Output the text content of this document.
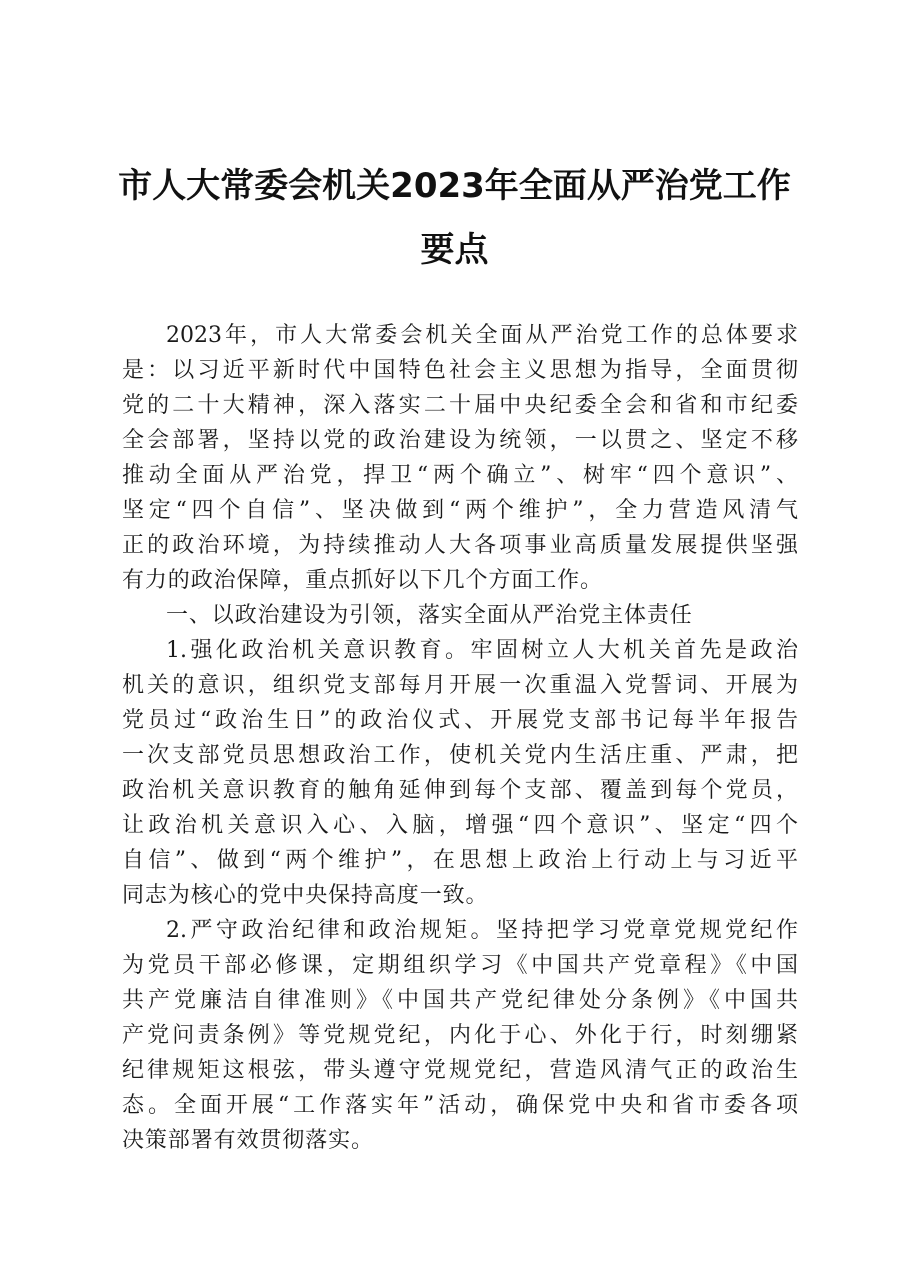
市人大常委会机关2023年全面从严治党工作
要点
2023年，市人大常委会机关全面从严治党工作的总体要求
是：以习近平新时代中国特色社会主义思想为指导，全面贯彻
党的二十大精神，深入落实二十届中央纪委全会和省和市纪委
全会部署，坚持以党的政治建设为统领，一以贯之、坚定不移
推动全面从严治党，捍卫“两个确立”、树牢“四个意识”、
坚定“四个自信”、坚决做到“两个维护”，全力营造风清气
正的政治环境，为持续推动人大各项事业高质量发展提供坚强
有力的政治保障，重点抓好以下几个方面工作。
一、以政治建设为引领，落实全面从严治党主体责任
1.强化政治机关意识教育。牢固树立人大机关首先是政治
机关的意识，组织党支部每月开展一次重温入党誓词、开展为
党员过“政治生日”的政治仪式、开展党支部书记每半年报告
一次支部党员思想政治工作，使机关党内生活庄重、严肃，把
政治机关意识教育的触角延伸到每个支部、覆盖到每个党员，
让政治机关意识入心、入脑，增强“四个意识”、坚定“四个
自信”、做到“两个维护”，在思想上政治上行动上与习近平
同志为核心的党中央保持高度一致。
2.严守政治纪律和政治规矩。坚持把学习党章党规党纪作
为党员干部必修课，定期组织学习《中国共产党章程》《中国
共产党廉洁自律准则》《中国共产党纪律处分条例》《中国共
产党问责条例》等党规党纪，内化于心、外化于行，时刻绷紧
纪律规矩这根弦，带头遵守党规党纪，营造风清气正的政治生
态。全面开展“工作落实年”活动，确保党中央和省市委各项
决策部署有效贯彻落实。
